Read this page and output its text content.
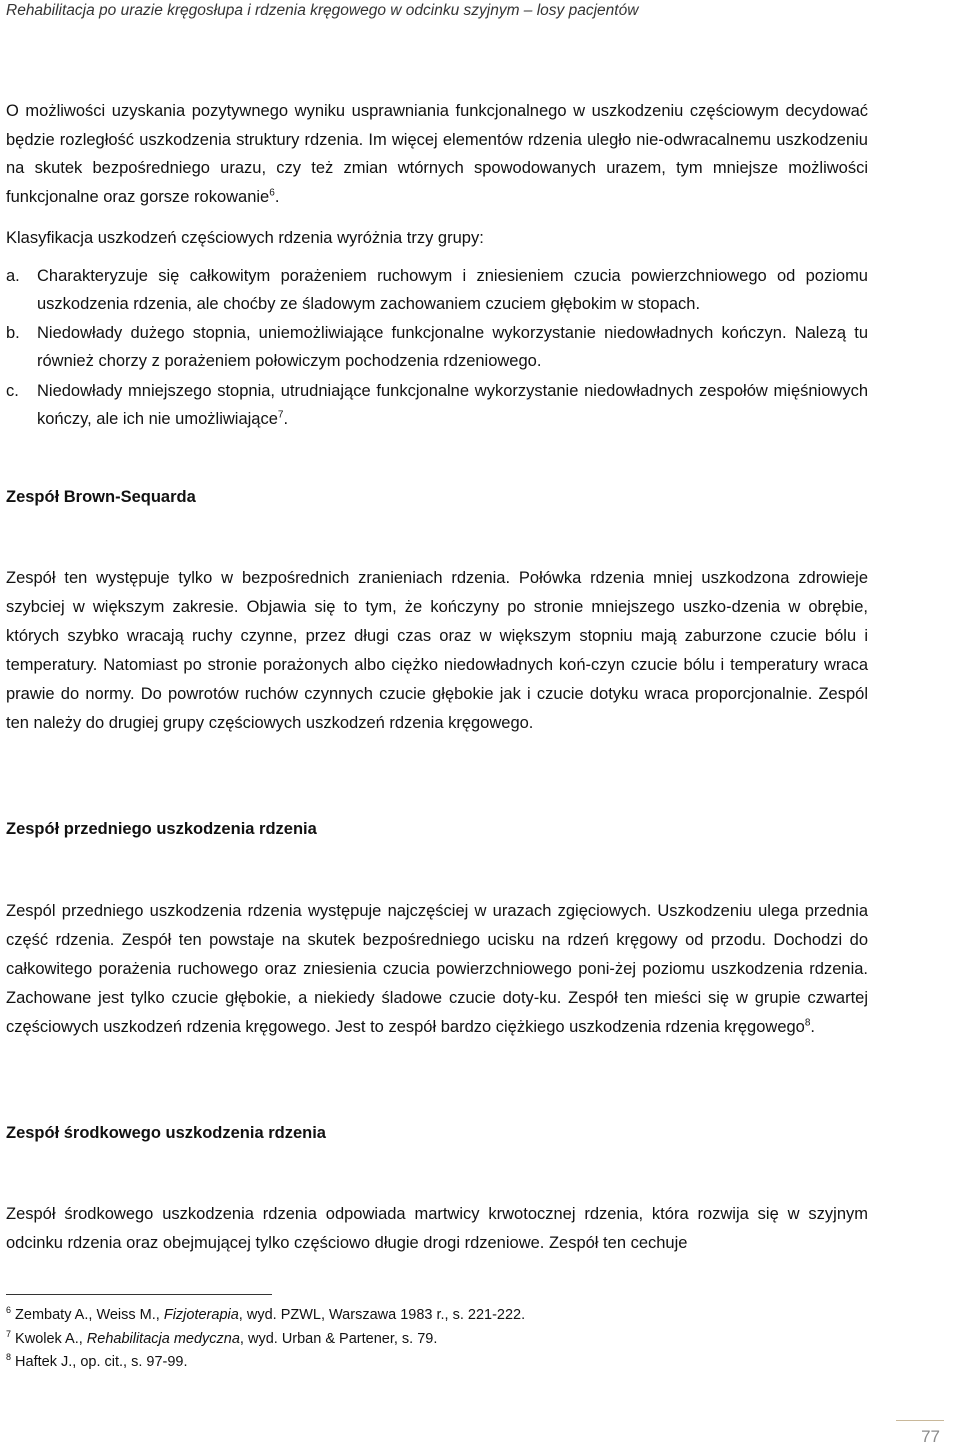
Rehabilitacja po urazie kręgosłupa i rdzenia kręgowego w odcinku szyjnym – losy pacjentów
O możliwości uzyskania pozytywnego wyniku usprawniania funkcjonalnego w uszkodzeniu częściowym decydować będzie rozległość uszkodzenia struktury rdzenia. Im więcej elementów rdzenia uległo nie-odwracalnemu uszkodzeniu na skutek bezpośredniego urazu, czy też zmian wtórnych spowodowanych urazem, tym mniejsze możliwości funkcjonalne oraz gorsze rokowanie$^6$.
Klasyfikacja uszkodzeń częściowych rdzenia wyróżnia trzy grupy:
a. Charakteryzuje się całkowitym porażeniem ruchowym i zniesieniem czucia powierzchniowego od poziomu uszkodzenia rdzenia, ale choćby ze śladowym zachowaniem czuciem głębokim w stopach.
b. Niedowłady dużego stopnia, uniemożliwiające funkcjonalne wykorzystanie niedowładnych kończyn. Nalezą tu również chorzy z porażeniem połowiczym pochodzenia rdzeniowego.
c. Niedowłady mniejszego stopnia, utrudniające funkcjonalne wykorzystanie niedowładnych zespołów mięśniowych kończy, ale ich nie umożliwiające$^7$.
Zespół Brown-Sequarda
Zespół ten występuje tylko w bezpośrednich zranieniach rdzenia. Połówka rdzenia mniej uszkodzona zdrowieje szybciej w większym zakresie. Objawia się to tym, że kończyny po stronie mniejszego uszko-dzenia w obrębie, których szybko wracają ruchy czynne, przez długi czas oraz w większym stopniu mają zaburzone czucie bólu i temperatury. Natomiast po stronie porażonych albo ciężko niedowładnych koń-czyn czucie bólu i temperatury wraca prawie do normy. Do powrotów ruchów czynnych czucie głębokie jak i czucie dotyku wraca proporcjonalnie. Zespól ten należy do drugiej grupy częściowych uszkodzeń rdzenia kręgowego.
Zespół przedniego uszkodzenia rdzenia
Zespól przedniego uszkodzenia rdzenia występuje najczęściej w urazach zgięciowych. Uszkodzeniu ulega przednia część rdzenia. Zespół ten powstaje na skutek bezpośredniego ucisku na rdzeń kręgowy od przodu. Dochodzi do całkowitego porażenia ruchowego oraz zniesienia czucia powierzchniowego poni-żej poziomu uszkodzenia rdzenia. Zachowane jest tylko czucie głębokie, a niekiedy śladowe czucie doty-ku. Zespół ten mieści się w grupie czwartej częściowych uszkodzeń rdzenia kręgowego. Jest to zespół bardzo ciężkiego uszkodzenia rdzenia kręgowego$^8$.
Zespół środkowego uszkodzenia rdzenia
Zespół środkowego uszkodzenia rdzenia odpowiada martwicy krwotocznej rdzenia, która rozwija się w szyjnym odcinku rdzenia oraz obejmującej tylko częściowo długie drogi rdzeniowe. Zespół ten cechuje
$^6$ Zembaty A., Weiss M., Fizjoterapia, wyd. PZWL, Warszawa 1983 r., s. 221-222.
$^7$ Kwolek A., Rehabilitacja medyczna, wyd. Urban & Partener, s. 79.
$^8$ Haftek J., op. cit., s. 97-99.
77
